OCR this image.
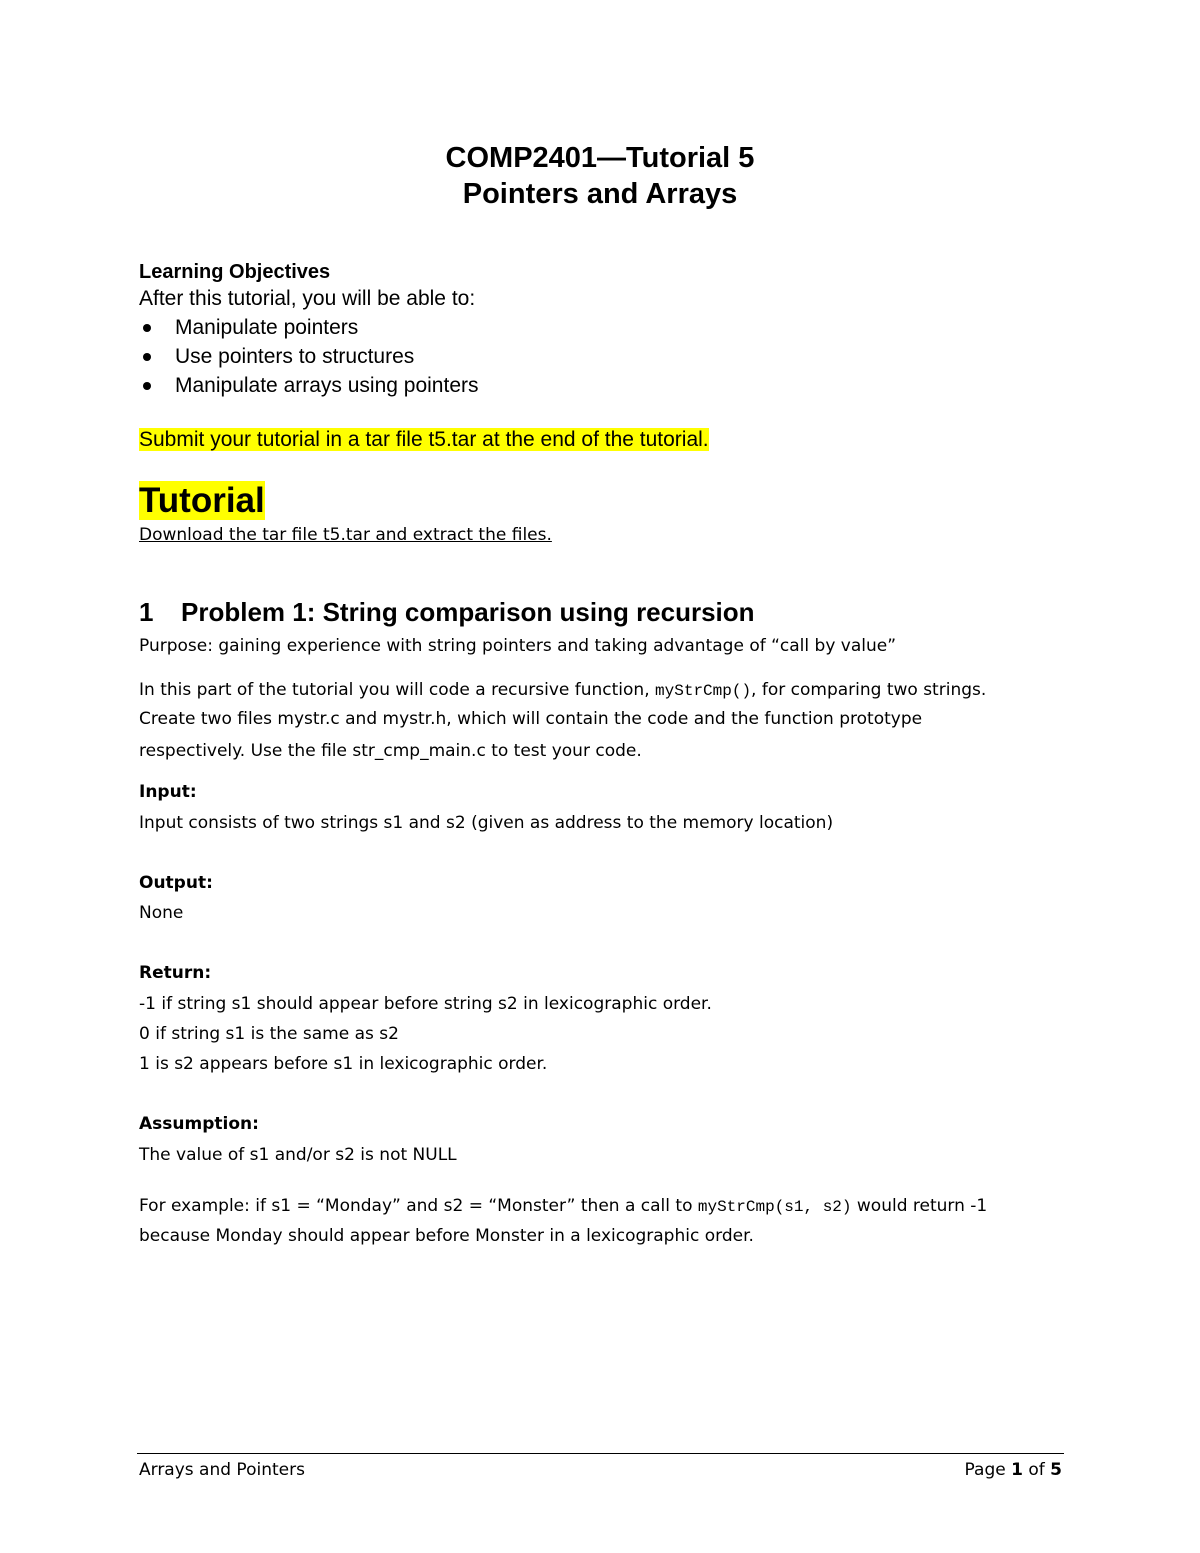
COMP2401—Tutorial 5
Pointers and Arrays
Learning Objectives
After this tutorial, you will be able to:
Manipulate pointers
Use pointers to structures
Manipulate arrays using pointers
Submit your tutorial in a tar file t5.tar at the end of the tutorial.
Tutorial
Download the tar file t5.tar and extract the files.
1 Problem 1: String comparison using recursion
Purpose: gaining experience with string pointers and taking advantage of “call by value”
In this part of the tutorial you will code a recursive function, myStrCmp(), for comparing two strings.
Create two files mystr.c and mystr.h, which will contain the code and the function prototype
respectively. Use the file str_cmp_main.c to test your code.
Input:
Input consists of two strings s1 and s2 (given as address to the memory location)
Output:
None
Return:
-1 if string s1 should appear before string s2 in lexicographic order.
0 if string s1 is the same as s2
1 is s2 appears before s1 in lexicographic order.
Assumption:
The value of s1 and/or s2 is not NULL
For example: if s1 = “Monday” and s2 = “Monster” then a call to myStrCmp(s1, s2) would return -1
because Monday should appear before Monster in a lexicographic order.
Arrays and Pointers	Page 1 of 5
